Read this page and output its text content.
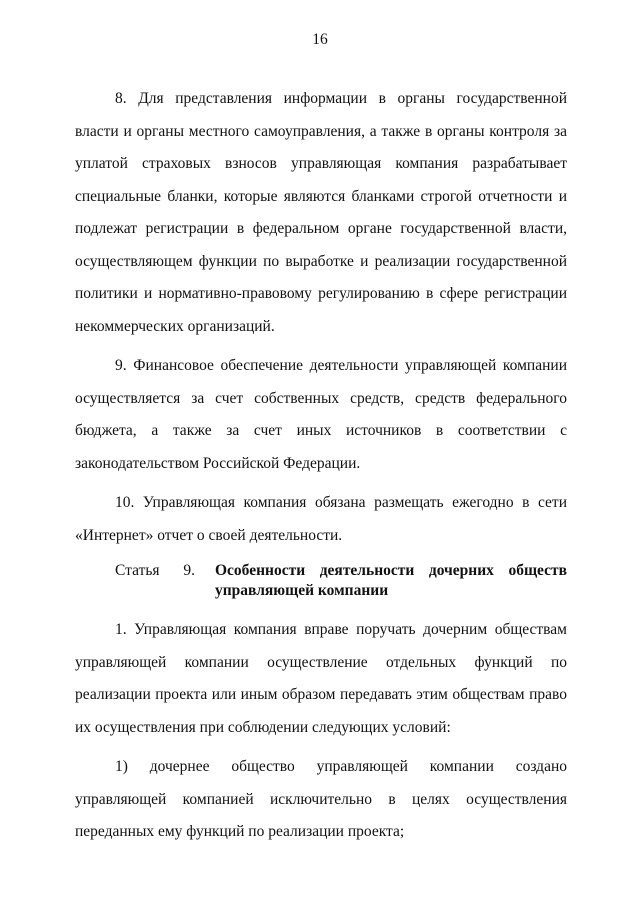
16

8. Для представления информации в органы государственной власти и органы местного самоуправления, а также в органы контроля за уплатой страховых взносов управляющая компания разрабатывает специальные бланки, которые являются бланками строгой отчетности и подлежат регистрации в федеральном органе государственной власти, осуществляющем функции по выработке и реализации государственной политики и нормативно-правовому регулированию в сфере регистрации некоммерческих организаций.

9. Финансовое обеспечение деятельности управляющей компании осуществляется за счет собственных средств, средств федерального бюджета, а также за счет иных источников в соответствии с законодательством Российской Федерации.

10. Управляющая компания обязана размещать ежегодно в сети «Интернет» отчет о своей деятельности.

Статья 9. Особенности деятельности дочерних обществ управляющей компании

1. Управляющая компания вправе поручать дочерним обществам управляющей компании осуществление отдельных функций по реализации проекта или иным образом передавать этим обществам право их осуществления при соблюдении следующих условий:

1) дочернее общество управляющей компании создано управляющей компанией исключительно в целях осуществления переданных ему функций по реализации проекта;
